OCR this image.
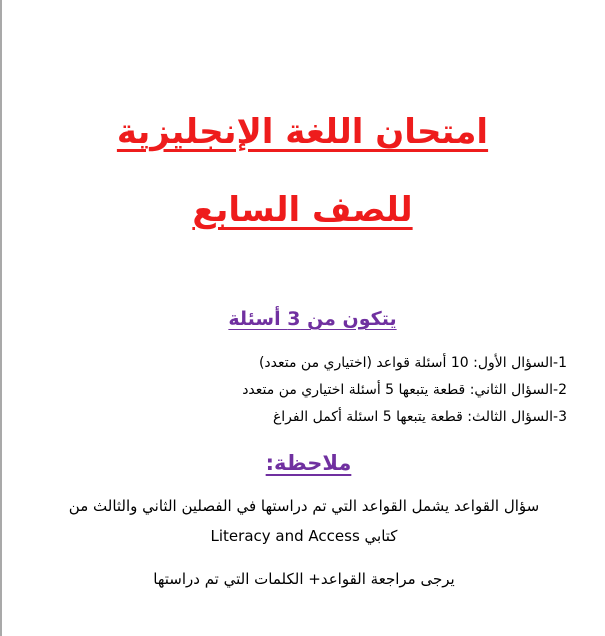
امتحان اللغة الإنجليزية
للصف السابع
يتكون من 3 أسئلة
1-السؤال الأول: 10 أسئلة قواعد (اختياري من متعدد)
2-السؤال الثاني: قطعة يتبعها 5 أسئلة اختياري من متعدد
3-السؤال الثالث: قطعة يتبعها 5 اسئلة أكمل الفراغ
ملاحظة:
سؤال القواعد يشمل القواعد التي تم دراستها في الفصلين الثاني والثالث من
كتابي Literacy and Access
يرجى مراجعة القواعد+ الكلمات التي تم دراستها
